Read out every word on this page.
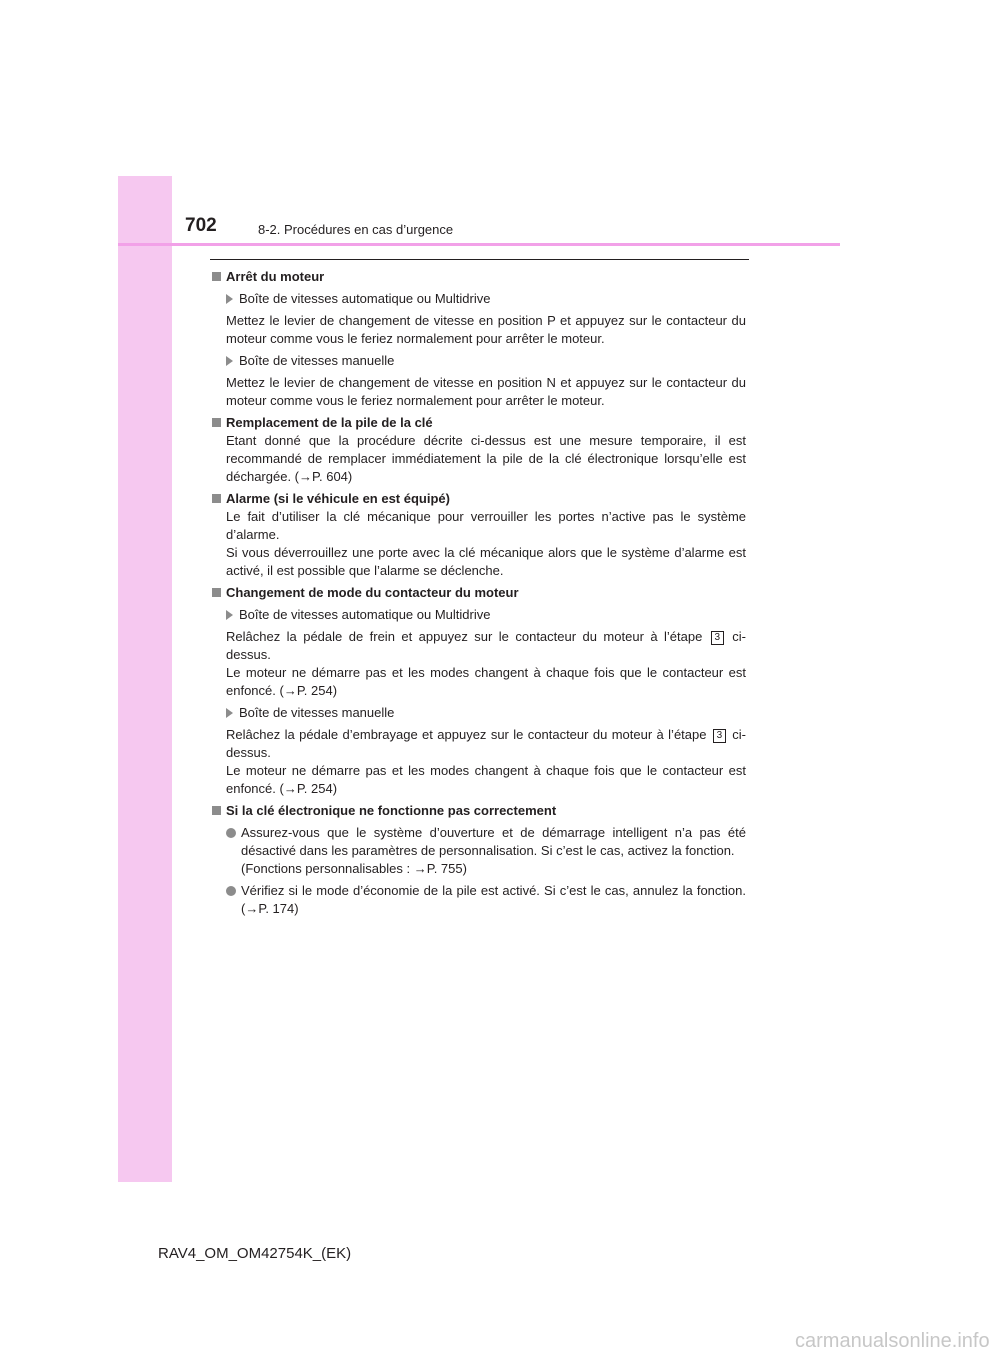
702	8-2. Procédures en cas d’urgence
Arrêt du moteur
Boîte de vitesses automatique ou Multidrive

Mettez le levier de changement de vitesse en position P et appuyez sur le contacteur du moteur comme vous le feriez normalement pour arrêter le moteur.

Boîte de vitesses manuelle

Mettez le levier de changement de vitesse en position N et appuyez sur le contacteur du moteur comme vous le feriez normalement pour arrêter le moteur.

Remplacement de la pile de la clé

Etant donné que la procédure décrite ci-dessus est une mesure temporaire, il est recommandé de remplacer immédiatement la pile de la clé électronique lorsqu’elle est déchargée. (→P. 604)

Alarme (si le véhicule en est équipé)

Le fait d’utiliser la clé mécanique pour verrouiller les portes n’active pas le système d’alarme.

Si vous déverrouillez une porte avec la clé mécanique alors que le système d’alarme est activé, il est possible que l’alarme se déclenche.

Changement de mode du contacteur du moteur
Boîte de vitesses automatique ou Multidrive

Relâchez la pédale de frein et appuyez sur le contacteur du moteur à l’étape 3 ci-dessus.

Le moteur ne démarre pas et les modes changent à chaque fois que le contacteur est enfoncé. (→P. 254)

Boîte de vitesses manuelle

Relâchez la pédale d’embrayage et appuyez sur le contacteur du moteur à l’étape 3 ci-dessus.

Le moteur ne démarre pas et les modes changent à chaque fois que le contacteur est enfoncé. (→P. 254)

Si la clé électronique ne fonctionne pas correctement
Assurez-vous que le système d’ouverture et de démarrage intelligent n’a pas été désactivé dans les paramètres de personnalisation. Si c’est le cas, activez la fonction.
(Fonctions personnalisables : →P. 755)
Vérifiez si le mode d’économie de la pile est activé. Si c’est le cas, annulez la fonction. (→P. 174)
RAV4_OM_OM42754K_(EK)
carmanualsonline.info
